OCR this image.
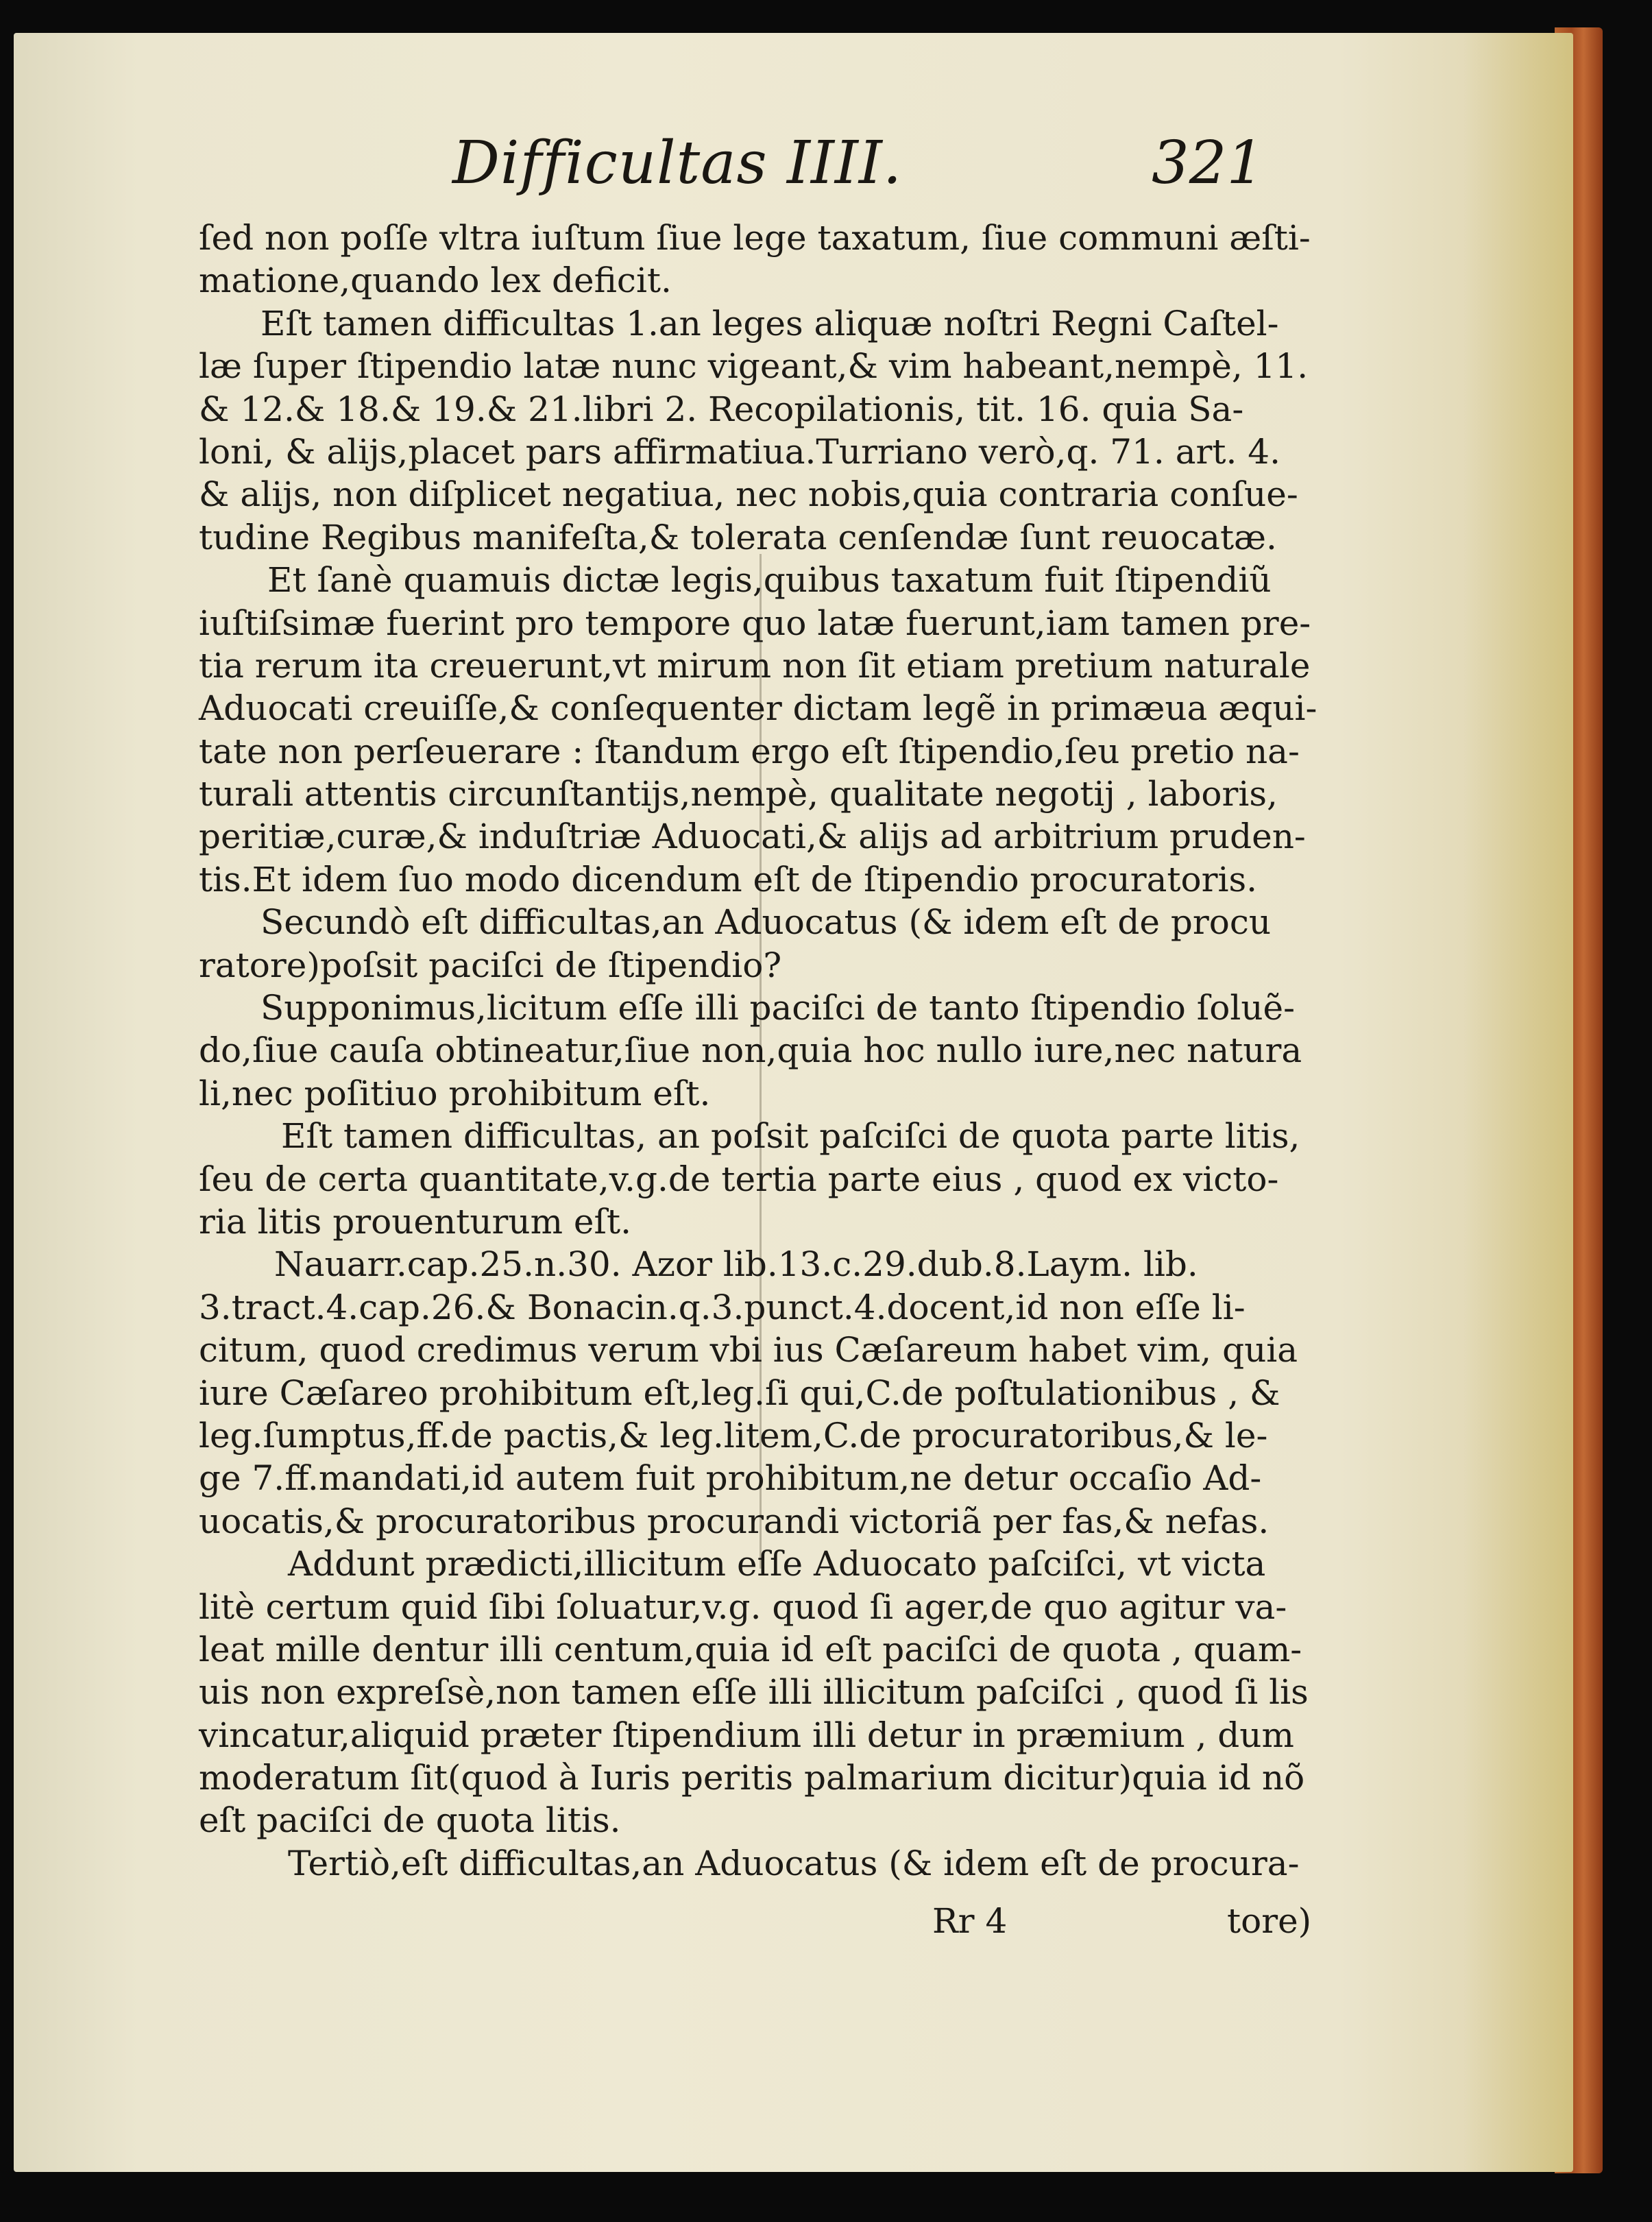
Difficultas IIII.	321
ſed non poſſe vltra iuſtum ſiue lege taxatum, ſiue communi æſti-
matione,quando lex deficit.
Eſt tamen difficultas 1.an leges aliquæ noſtri Regni Caſtel-
læ ſuper ſtipendio latæ nunc vigeant,& vim habeant,nempè, 11.
& 12.& 18.& 19.& 21.libri 2. Recopilationis, tit. 16. quia Sa-
loni, & alijs,placet pars affirmatiua.Turriano verò,q. 71. art. 4.
& alijs, non diſplicet negatiua, nec nobis,quia contraria conſue-
tudine Regibus manifeſta,& tolerata cenſendæ ſunt reuocatæ.
Et ſanè quamuis dictæ legis,quibus taxatum fuit ſtipendiũ
iuſtiſsimæ fuerint pro tempore quo latæ fuerunt,iam tamen pre-
tia rerum ita creuerunt,vt mirum non ſit etiam pretium naturale
Aduocati creuiſſe,& conſequenter dictam legẽ in primæua æqui-
tate non perſeuerare : ſtandum ergo eſt ſtipendio,ſeu pretio na-
turali attentis circunſtantijs,nempè, qualitate negotij , laboris,
peritiæ,curæ,& induſtriæ Aduocati,& alijs ad arbitrium pruden-
tis.Et idem ſuo modo dicendum eſt de ſtipendio procuratoris.
Secundò eſt difficultas,an Aduocatus (& idem eſt de procu
ratore)poſsit paciſci de ſtipendio?
Supponimus,licitum eſſe illi paciſci de tanto ſtipendio ſoluẽ-
do,ſiue cauſa obtineatur,ſiue non,quia hoc nullo iure,nec natura
li,nec poſitiuo prohibitum eſt.
Eſt tamen difficultas, an poſsit paſciſci de quota parte litis,
ſeu de certa quantitate,v.g.de tertia parte eius , quod ex victo-
ria litis prouenturum eſt.
Nauarr.cap.25.n.30. Azor lib.13.c.29.dub.8.Laym. lib.
3.tract.4.cap.26.& Bonacin.q.3.punct.4.docent,id non eſſe li-
citum, quod credimus verum vbi ius Cæſareum habet vim, quia
iure Cæſareo prohibitum eſt,leg.ſi qui,C.de poſtulationibus , &
leg.ſumptus,ff.de pactis,& leg.litem,C.de procuratoribus,& le-
ge 7.ff.mandati,id autem fuit prohibitum,ne detur occaſio Ad-
uocatis,& procuratoribus procurandi victoriã per fas,& nefas.
Addunt prædicti,illicitum eſſe Aduocato paſciſci, vt victa
litè certum quid ſibi ſoluatur,v.g. quod ſi ager,de quo agitur va-
leat mille dentur illi centum,quia id eſt paciſci de quota , quam-
uis non expreſsè,non tamen eſſe illi illicitum paſciſci , quod ſi lis
vincatur,aliquid præter ſtipendium illi detur in præmium , dum
moderatum ſit(quod à Iuris peritis palmarium dicitur)quia id nõ
eſt paciſci de quota litis.
Tertiò,eſt difficultas,an Aduocatus (& idem eſt de procura-
Rr 4	tore)
